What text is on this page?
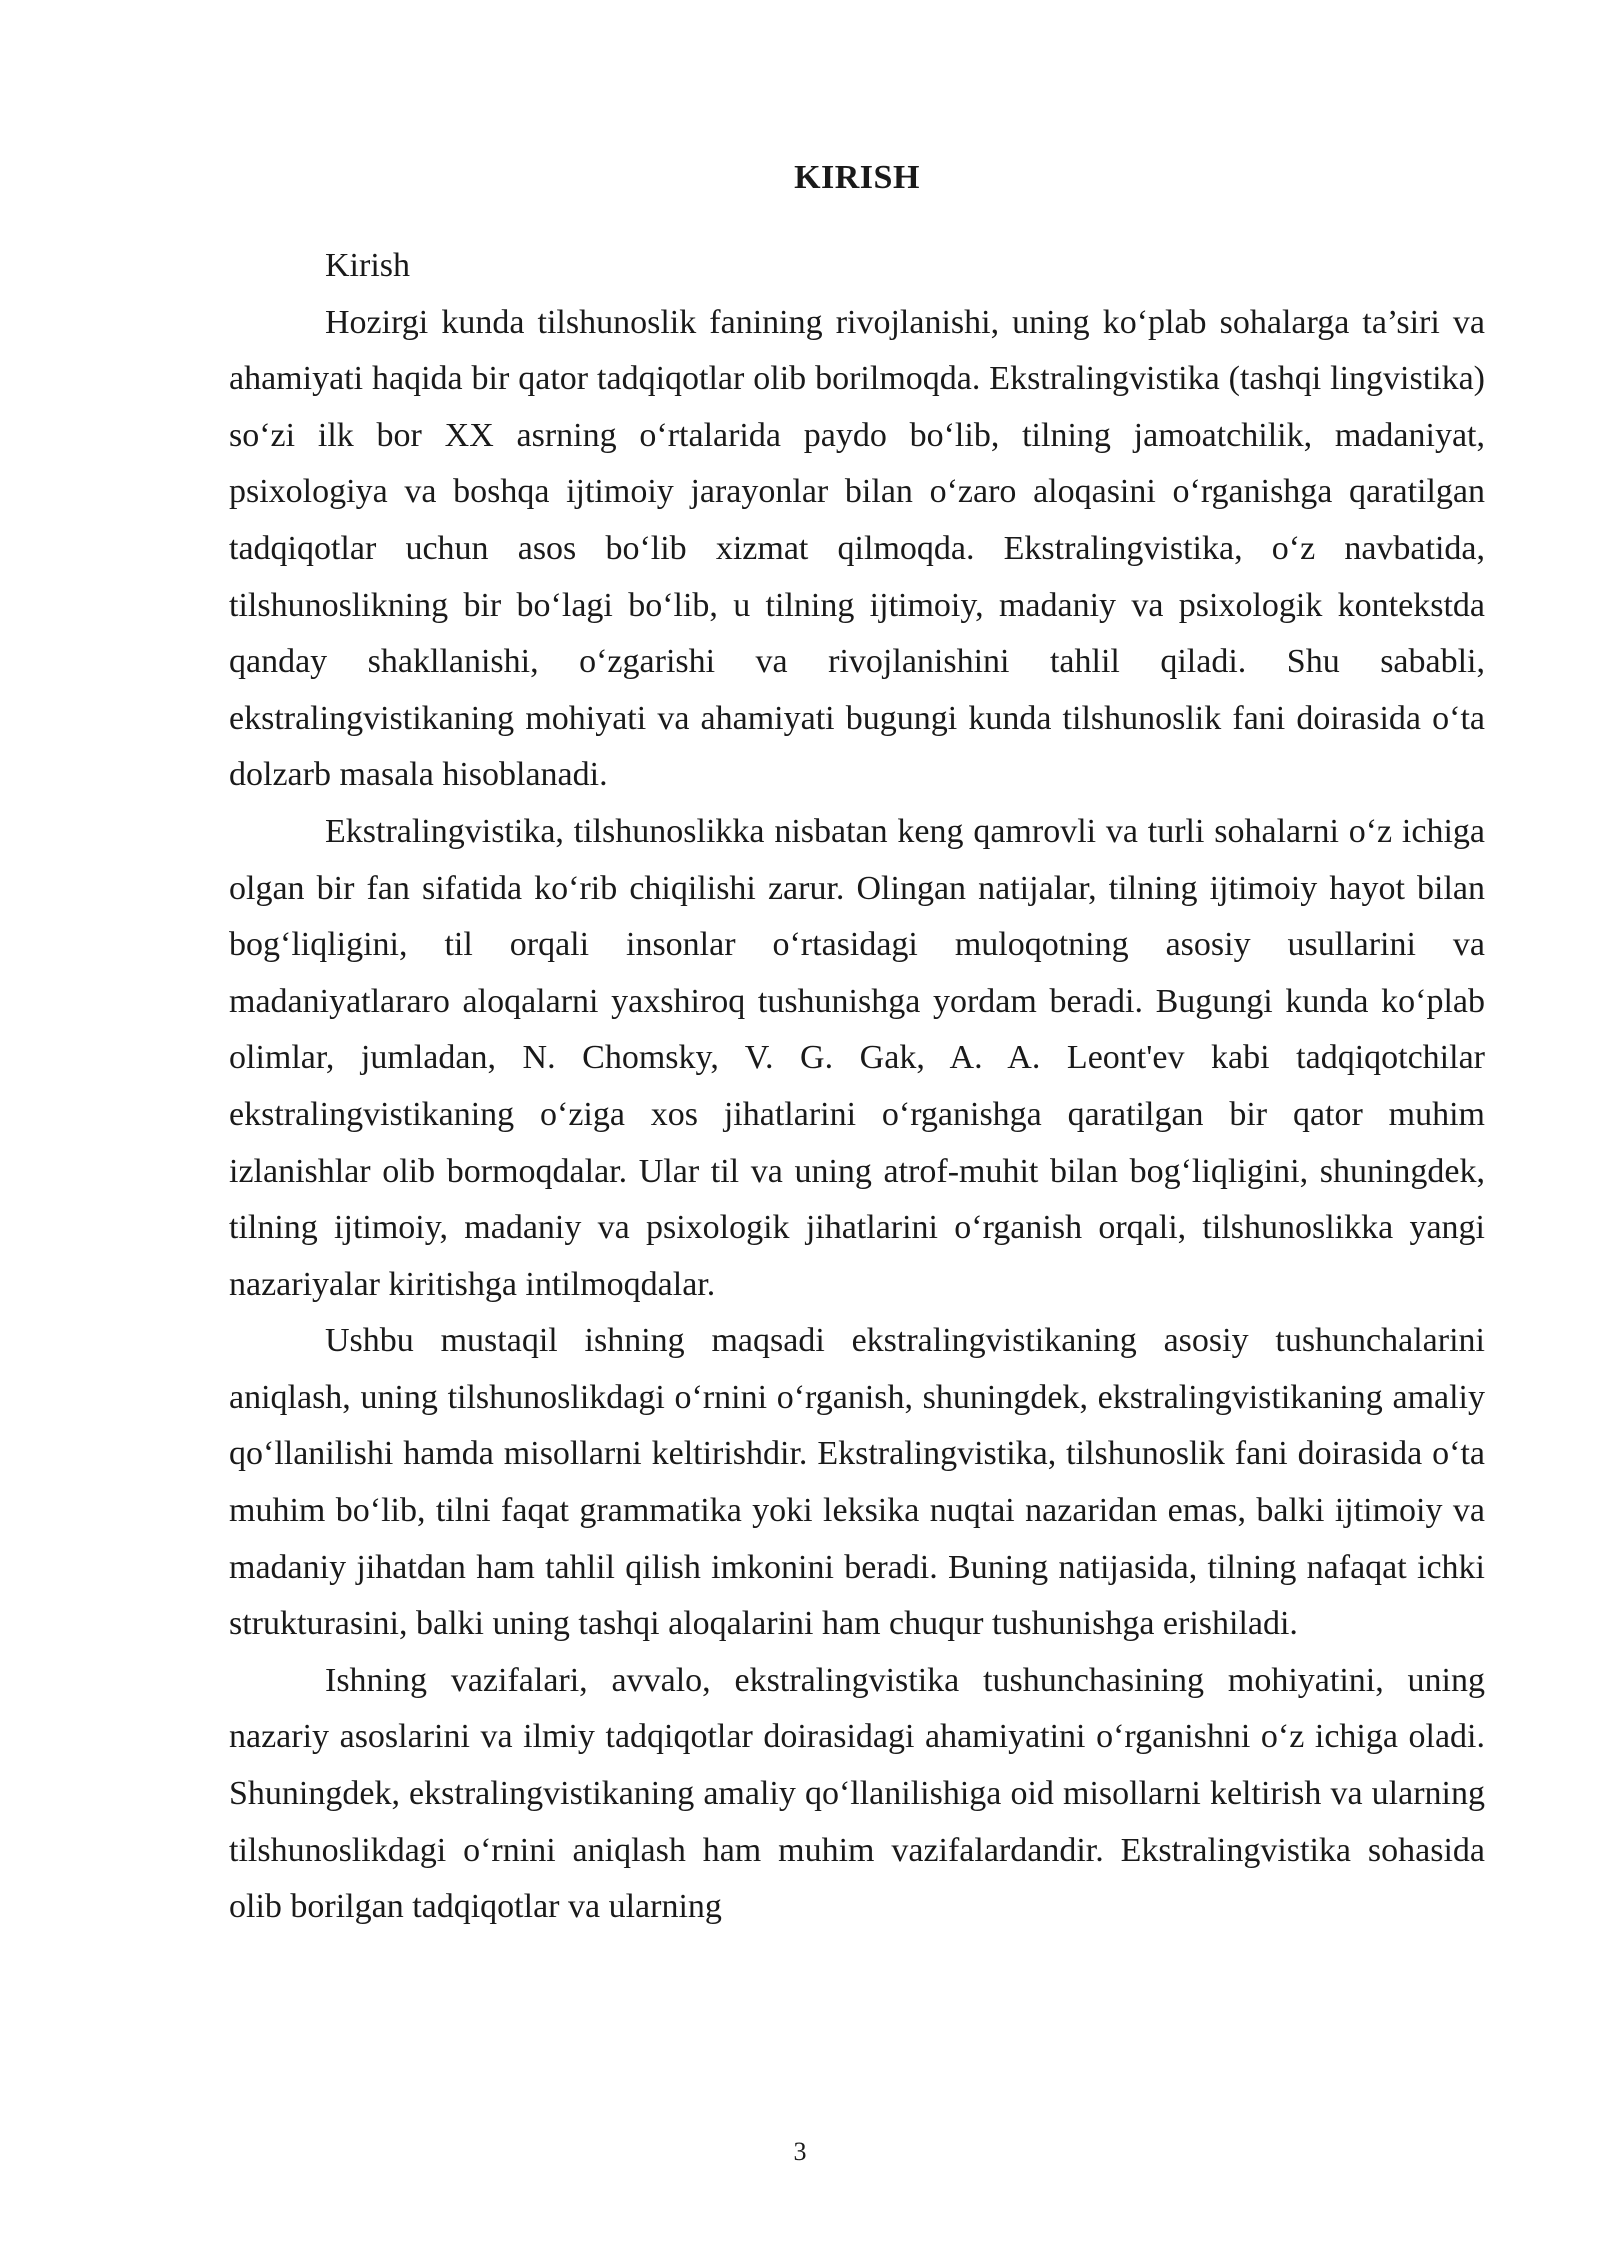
KIRISH

Kirish

Hozirgi kunda tilshunoslik fanining rivojlanishi, uning ko‘plab sohalarga ta’siri va ahamiyati haqida bir qator tadqiqotlar olib borilmoqda. Ekstralingvistika (tashqi lingvistika) so‘zi ilk bor XX asrning o‘rtalarida paydo bo‘lib, tilning jamoatchilik, madaniyat, psixologiya va boshqa ijtimoiy jarayonlar bilan o‘zaro aloqasini o‘rganishga qaratilgan tadqiqotlar uchun asos bo‘lib xizmat qilmoqda. Ekstralingvistika, o‘z navbatida, tilshunoslikning bir bo‘lagi bo‘lib, u tilning ijtimoiy, madaniy va psixologik kontekstda qanday shakllanishi, o‘zgarishi va rivojlanishini tahlil qiladi. Shu sababli, ekstralingvistikaning mohiyati va ahamiyati bugungi kunda tilshunoslik fani doirasida o‘ta dolzarb masala hisoblanadi.

Ekstralingvistika, tilshunoslikka nisbatan keng qamrovli va turli sohalarni o‘z ichiga olgan bir fan sifatida ko‘rib chiqilishi zarur. Olingan natijalar, tilning ijtimoiy hayot bilan bog‘liqligini, til orqali insonlar o‘rtasidagi muloqotning asosiy usullarini va madaniyatlararo aloqalarni yaxshiroq tushunishga yordam beradi. Bugungi kunda ko‘plab olimlar, jumladan, N. Chomsky, V. G. Gak, A. A. Leont'ev kabi tadqiqotchilar ekstralingvistikaning o‘ziga xos jihatlarini o‘rganishga qaratilgan bir qator muhim izlanishlar olib bormoqdalar. Ular til va uning atrof-muhit bilan bog‘liqligini, shuningdek, tilning ijtimoiy, madaniy va psixologik jihatlarini o‘rganish orqali, tilshunoslikka yangi nazariyalar kiritishga intilmoqdalar.

Ushbu mustaqil ishning maqsadi ekstralingvistikaning asosiy tushunchalarini aniqlash, uning tilshunoslikdagi o‘rnini o‘rganish, shuningdek, ekstralingvistikaning amaliy qo‘llanilishi hamda misollarni keltirishdir. Ekstralingvistika, tilshunoslik fani doirasida o‘ta muhim bo‘lib, tilni faqat grammatika yoki leksika nuqtai nazaridan emas, balki ijtimoiy va madaniy jihatdan ham tahlil qilish imkonini beradi. Buning natijasida, tilning nafaqat ichki strukturasini, balki uning tashqi aloqalarini ham chuqur tushunishga erishiladi.

Ishning vazifalari, avvalo, ekstralingvistika tushunchasining mohiyatini, uning nazariy asoslarini va ilmiy tadqiqotlar doirasidagi ahamiyatini o‘rganishni o‘z ichiga oladi. Shuningdek, ekstralingvistikaning amaliy qo‘llanilishiga oid misollarni keltirish va ularning tilshunoslikdagi o‘rnini aniqlash ham muhim vazifalardandir. Ekstralingvistika sohasida olib borilgan tadqiqotlar va ularning

3
